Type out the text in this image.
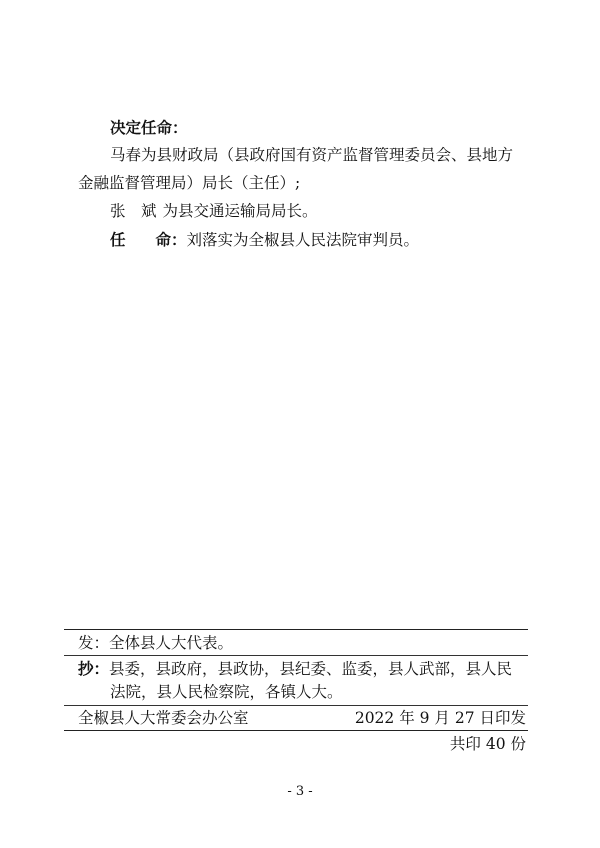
决定任命：
马春为县财政局（县政府国有资产监督管理委员会、县地方
金融监督管理局）局长（主任）;
张　斌 为县交通运输局局长。
任 命：刘落实为全椒县人民法院审判员。
发：全体县人大代表。
抄：县委，县政府，县政协，县纪委、监委，县人武部，县人民
法院，县人民检察院，各镇人大。
全椒县人大常委会办公室	2022 年 9 月 27 日印发
共印 40 份
- 3 -
